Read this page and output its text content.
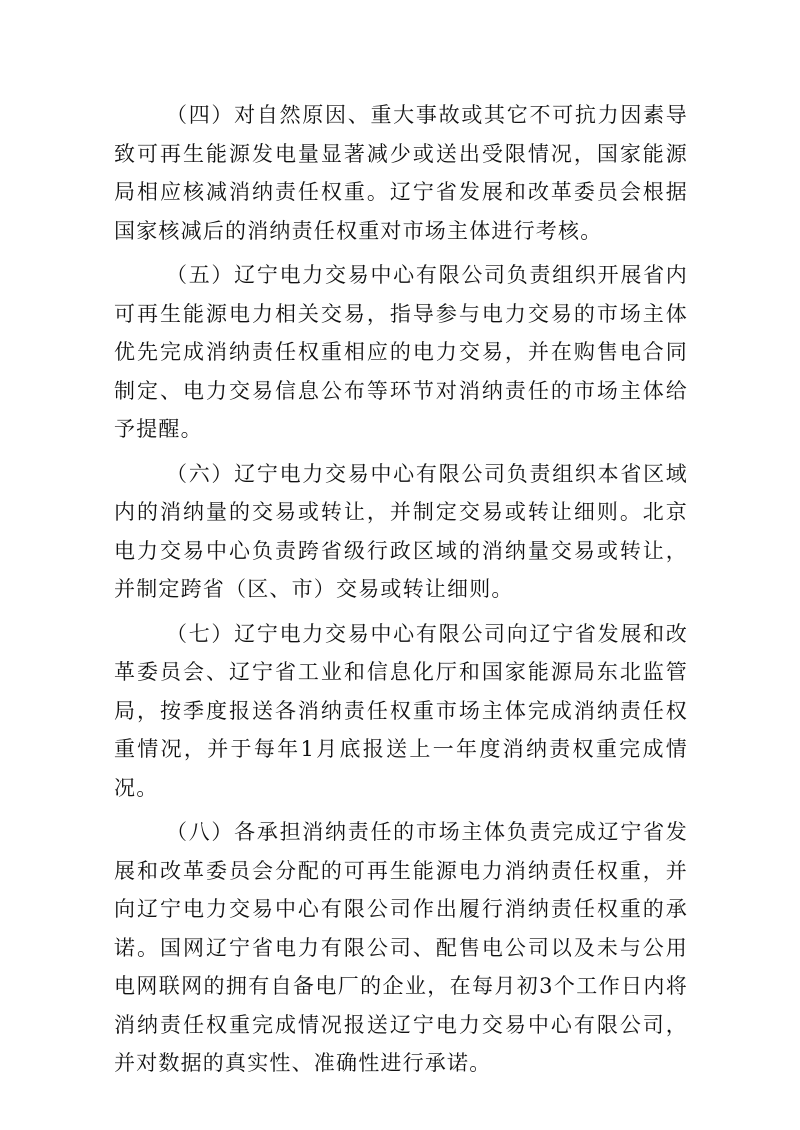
（四）对自然原因、重大事故或其它不可抗力因素导致可再生能源发电量显著减少或送出受限情况，国家能源局相应核减消纳责任权重。辽宁省发展和改革委员会根据国家核减后的消纳责任权重对市场主体进行考核。

（五）辽宁电力交易中心有限公司负责组织开展省内可再生能源电力相关交易，指导参与电力交易的市场主体优先完成消纳责任权重相应的电力交易，并在购售电合同制定、电力交易信息公布等环节对消纳责任的市场主体给予提醒。

（六）辽宁电力交易中心有限公司负责组织本省区域内的消纳量的交易或转让，并制定交易或转让细则。北京电力交易中心负责跨省级行政区域的消纳量交易或转让，并制定跨省（区、市）交易或转让细则。

（七）辽宁电力交易中心有限公司向辽宁省发展和改革委员会、辽宁省工业和信息化厅和国家能源局东北监管局，按季度报送各消纳责任权重市场主体完成消纳责任权重情况，并于每年1月底报送上一年度消纳责权重完成情况。

（八）各承担消纳责任的市场主体负责完成辽宁省发展和改革委员会分配的可再生能源电力消纳责任权重，并向辽宁电力交易中心有限公司作出履行消纳责任权重的承诺。国网辽宁省电力有限公司、配售电公司以及未与公用电网联网的拥有自备电厂的企业，在每月初3个工作日内将消纳责任权重完成情况报送辽宁电力交易中心有限公司，并对数据的真实性、准确性进行承诺。
